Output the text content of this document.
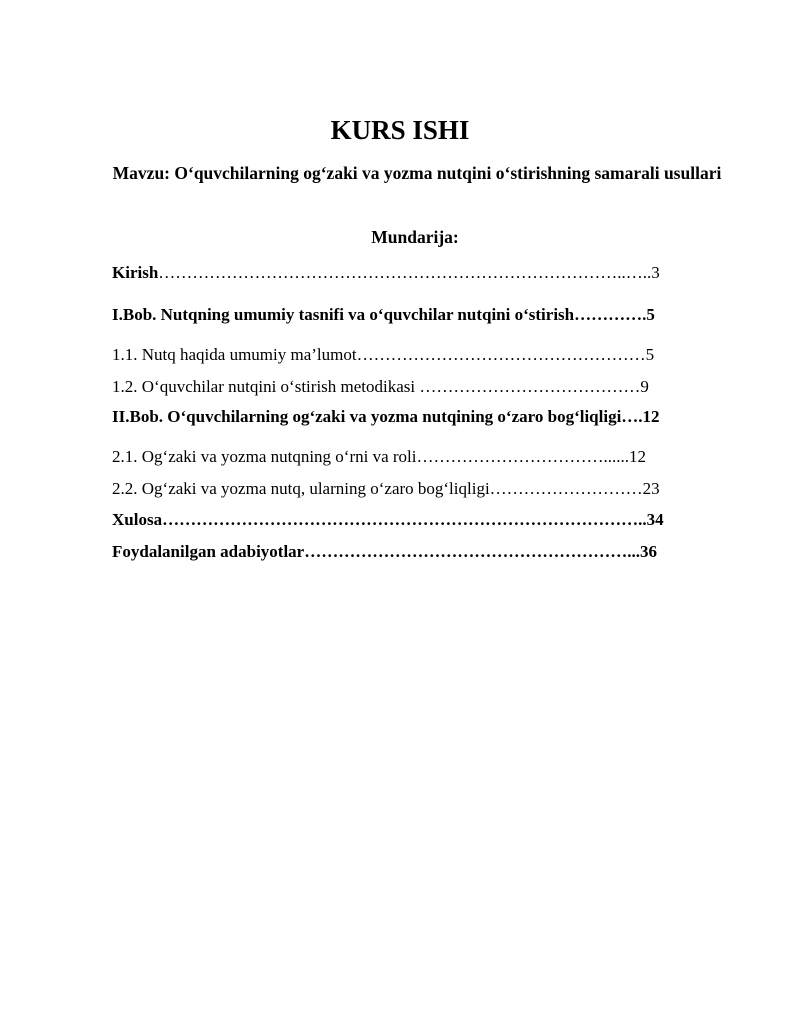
KURS ISHI
Mavzu: O‘quvchilarning og‘zaki va yozma nutqini o‘stirishning samarali usullari
Mundarija:
Kirish………………………………………………………………………..…..3
I.Bob. Nutqning umumiy tasnifi va o‘quvchilar nutqini o‘stirish………….5
1.1. Nutq haqida umumiy ma’lumot……………………………………………5
1.2. O‘quvchilar nutqini o‘stirish metodikasi …………………………………9
II.Bob. O‘quvchilarning og‘zaki va yozma nutqining o‘zaro bog‘liqligi….12
2.1. Og‘zaki va yozma nutqning o‘rni va roli……………………………......12
2.2. Og‘zaki va yozma nutq, ularning o‘zaro bog‘liqligi………………………23
Xulosa…………………………………………………………………………..34
Foydalanilgan adabiyotlar…………………………………………………...36
